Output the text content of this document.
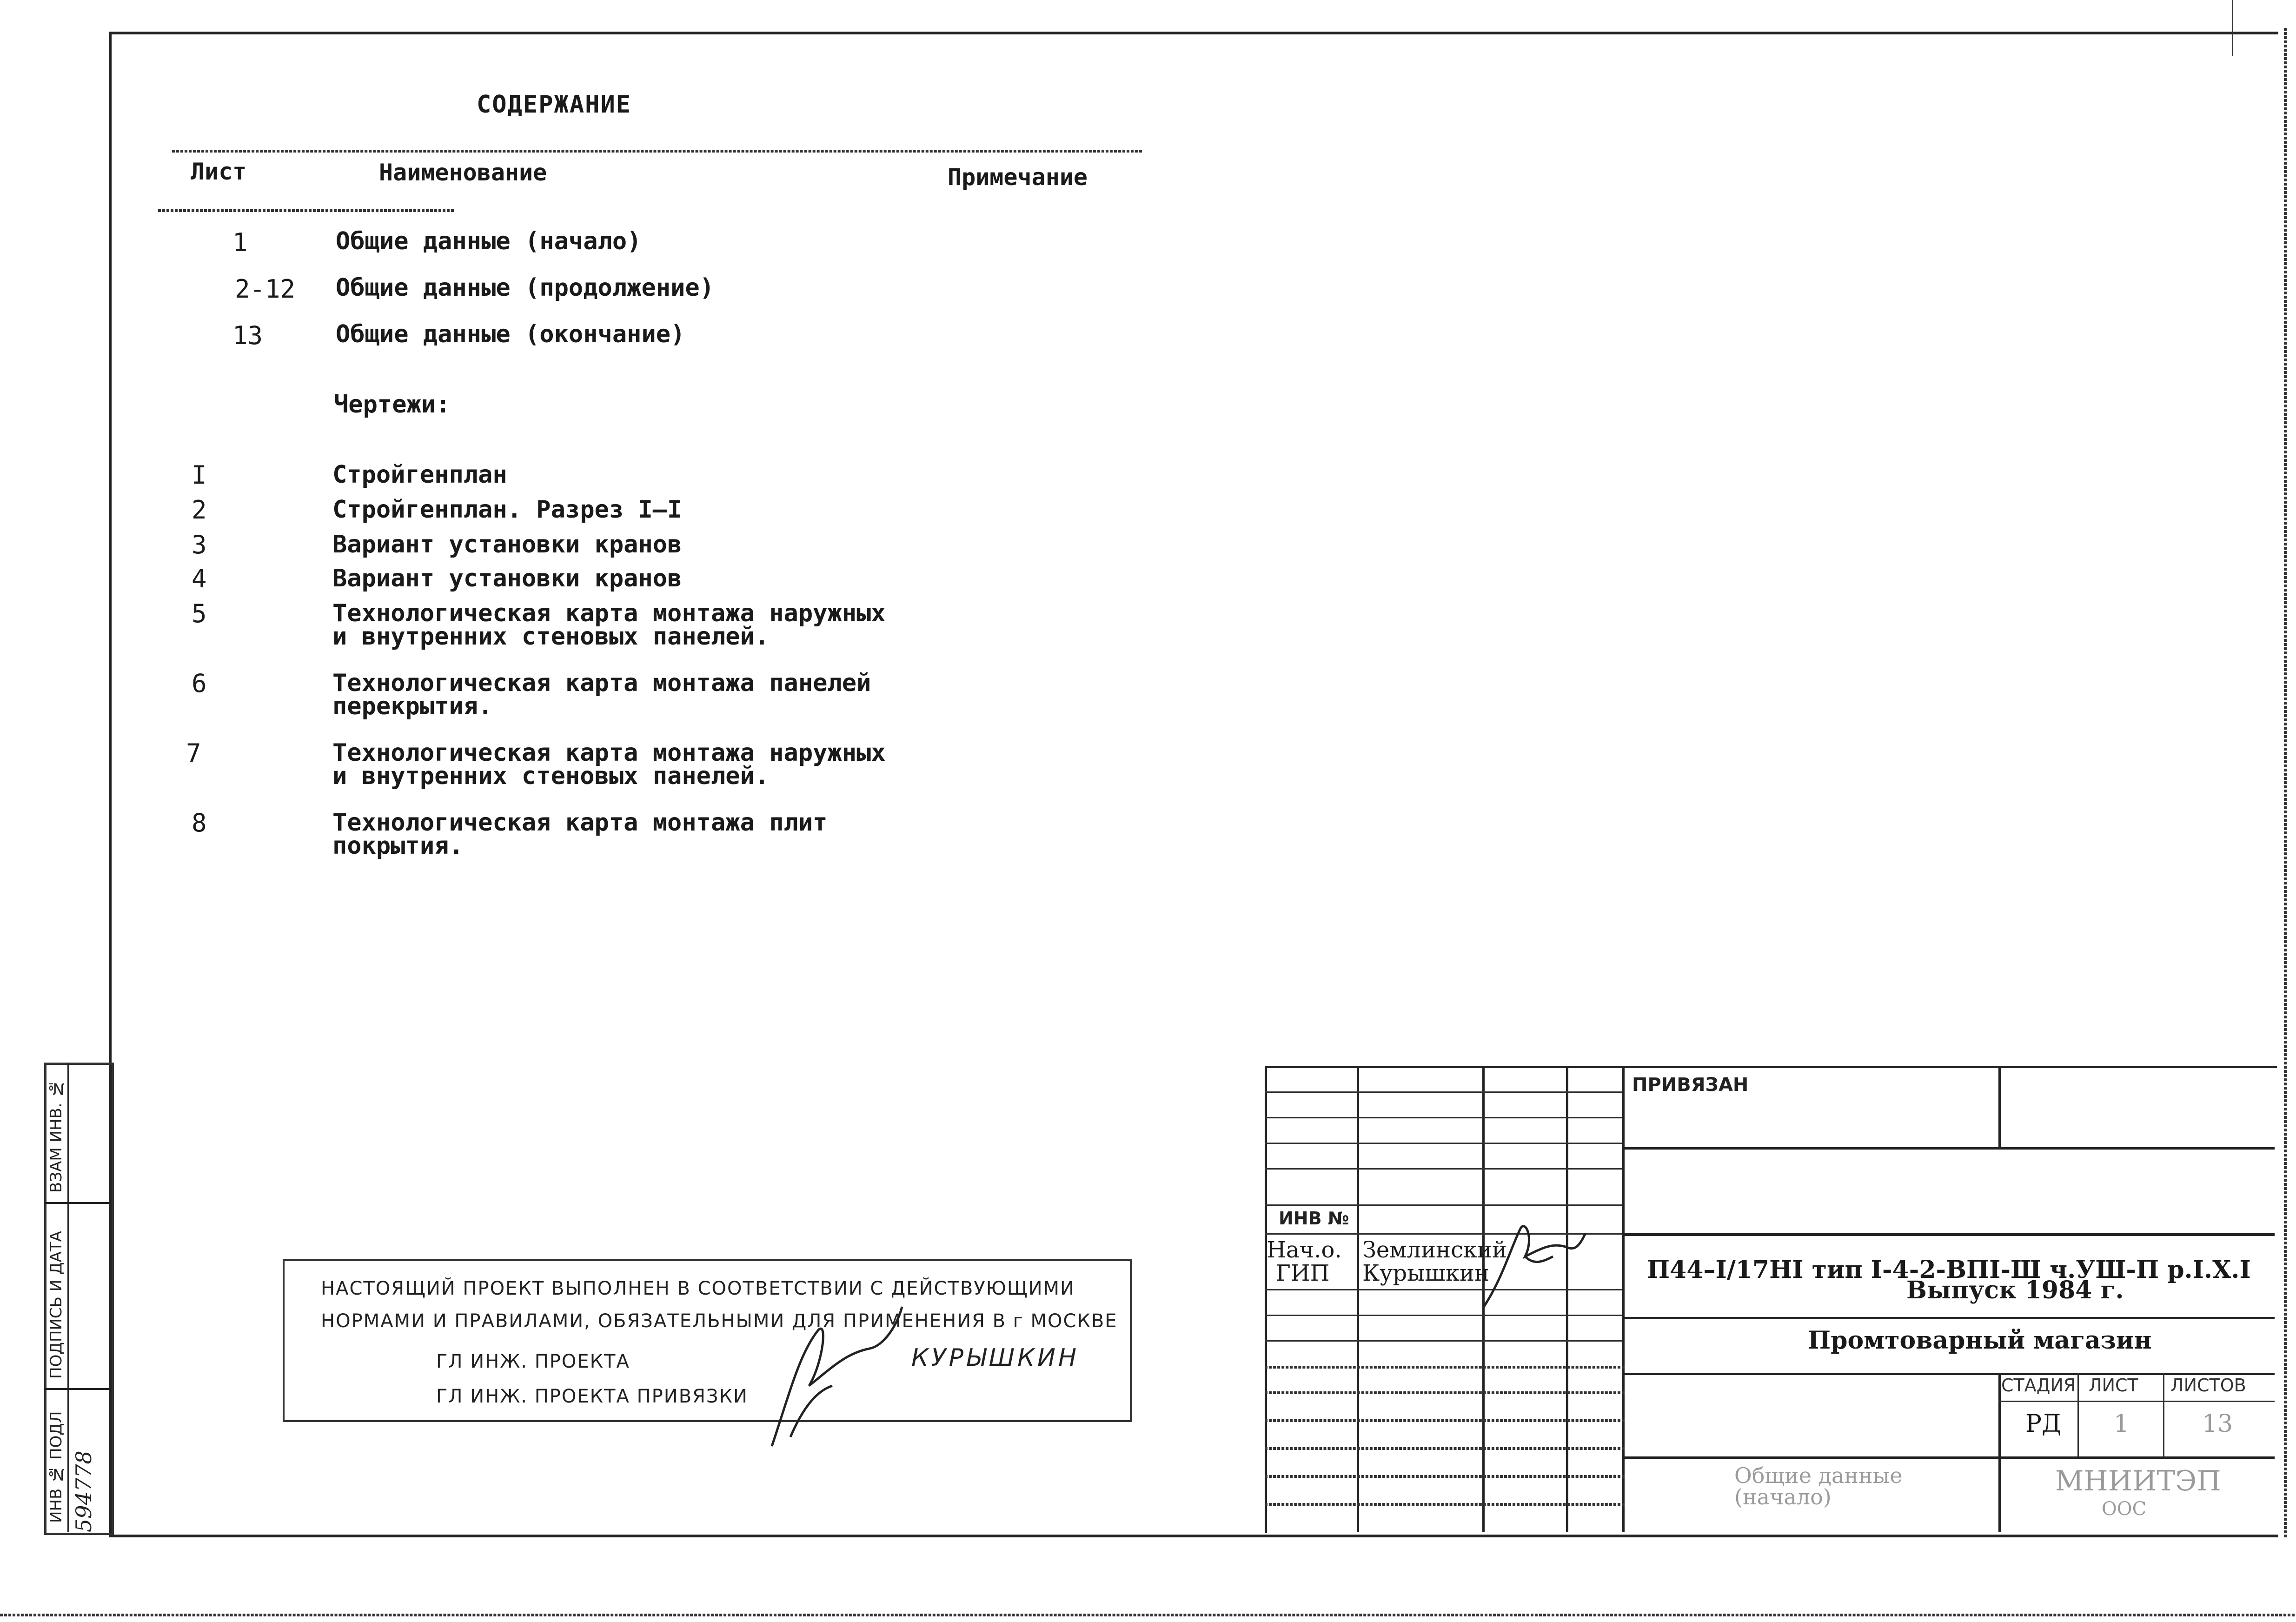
СОДЕРЖАНИЕ
Лист	Наименование	Примечание
1	Общие данные (начало)
2-12 Общие данные (продолжение)
13	Общие данные (окончание)
Чертежи:
I	Стройгенплан
2	Стройгенплан. Разрез I–I
3	Вариант установки кранов
4	Вариант установки кранов
5	Технологическая карта монтажа наружных
и внутренних стеновых панелей.
6	Технологическая карта монтажа панелей
перекрытия.
7	Технологическая карта монтажа наружных
и внутренних стеновых панелей.
8	Технологическая карта монтажа плит
покрытия.
ВЗАМ ИНВ. №
ПОДПИСЬ И ДАТА
ИНВ № ПОДЛ 594778
НАСТОЯЩИЙ ПРОЕКТ ВЫПОЛНЕН В СООТВЕТСТВИИ С ДЕЙСТВУЮЩИМИ
НОРМАМИ И ПРАВИЛАМИ, ОБЯЗАТЕЛЬНЫМИ ДЛЯ ПРИМЕНЕНИЯ В г МОСКВЕ
ГЛ ИНЖ. ПРОЕКТА
ГЛ ИНЖ. ПРОЕКТА ПРИВЯЗКИ
КУРЫШКИН
ИНВ №
Нач.о.
ГИП
Землинский
Курышкин
ПРИВЯЗАН
П44–I/17НI тип I-4-2-ВПI-Ш ч.УШ-П р.I.Х.I
Выпуск 1984 г.
Промтоварный магазин
СТАДИЯ ЛИСТ ЛИСТОВ
РД 1	13
Общие данные
(начало)	МНИИТЭП
ООС
